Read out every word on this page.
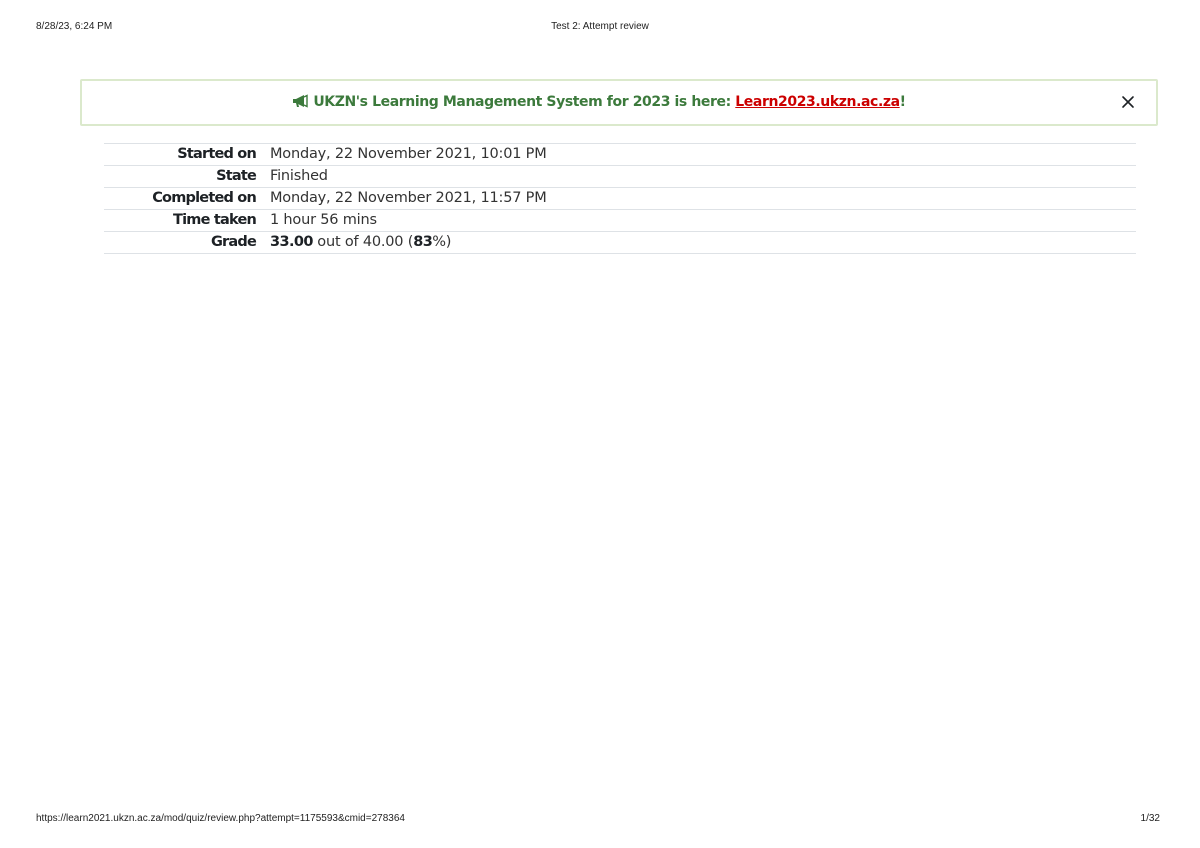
8/28/23, 6:24 PM	Test 2: Attempt review
UKZN's Learning Management System for 2023 is here: Learn2023.ukzn.ac.za!
Started on	Monday, 22 November 2021, 10:01 PM
State	Finished
Completed on	Monday, 22 November 2021, 11:57 PM
Time taken	1 hour 56 mins
Grade	33.00 out of 40.00 (83%)
https://learn2021.ukzn.ac.za/mod/quiz/review.php?attempt=1175593&cmid=278364	1/32
